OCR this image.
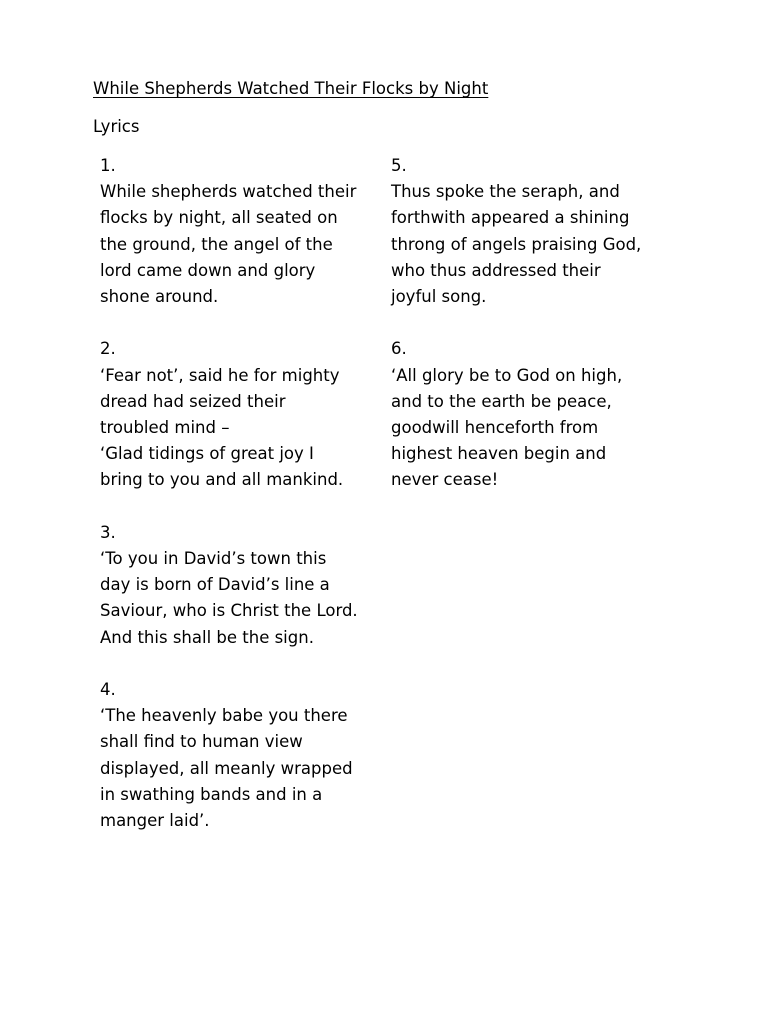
While Shepherds Watched Their Flocks by Night
Lyrics
1.
While shepherds watched their
flocks by night, all seated on
the ground, the angel of the
lord came down and glory
shone around.
2.
‘Fear not’, said he for mighty
dread had seized their
troubled mind –
‘Glad tidings of great joy I
bring to you and all mankind.
3.
‘To you in David’s town this
day is born of David’s line a
Saviour, who is Christ the Lord.
And this shall be the sign.
4.
‘The heavenly babe you there
shall find to human view
displayed, all meanly wrapped
in swathing bands and in a
manger laid’.
5.
Thus spoke the seraph, and
forthwith appeared a shining
throng of angels praising God,
who thus addressed their
joyful song.
6.
‘All glory be to God on high,
and to the earth be peace,
goodwill henceforth from
highest heaven begin and
never cease!
